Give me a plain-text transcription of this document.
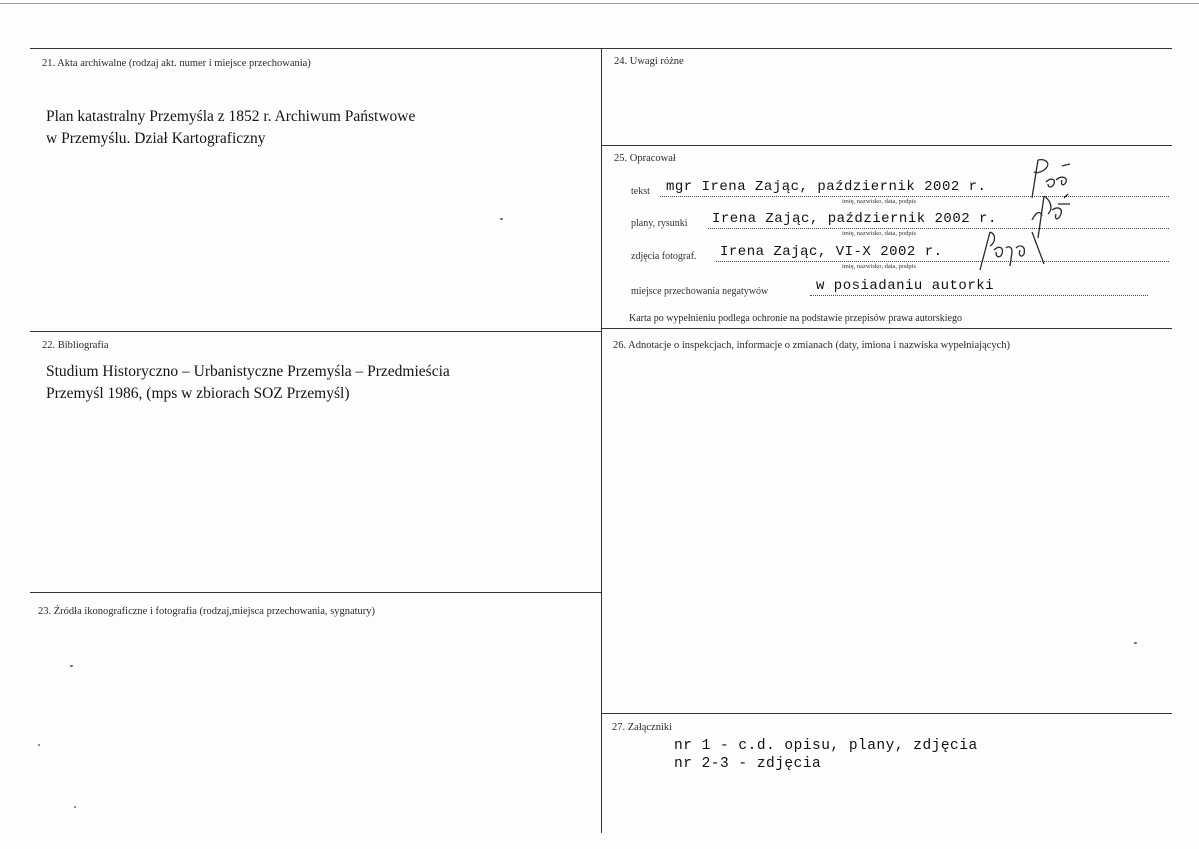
21. Akta archiwalne (rodzaj akt. numer i miejsce przechowania)
Plan katastralny Przemyśla z 1852 r. Archiwum Państwowe
w Przemyślu. Dział Kartograficzny
22. Bibliografia
Studium Historyczno – Urbanistyczne Przemyśla – Przedmieścia
Przemyśl 1986, (mps w zbiorach SOZ Przemyśl)
23. Źródła ikonograficzne i fotografia (rodzaj,miejsca przechowania, sygnatury)
24. Uwagi różne
25. Opracował
tekst mgr Irena Zając, październik 2002 r.
imię, nazwisko, data, podpis
plany, rysunki Irena Zając, październik 2002 r.
imię, nazwisko, data, podpis
zdjęcia fotograf. Irena Zając, VI-X 2002 r.
imię, nazwisko, data, podpis
miejsce przechowania negatywów	w posiadaniu autorki
Karta po wypełnieniu podlega ochronie na podstawie przepisów prawa autorskiego
26. Adnotacje o inspekcjach, informacje o zmianach (daty, imiona i nazwiska wypełniających)
27. Załączniki
nr 1 - c.d. opisu, plany, zdjęcia
nr 2-3 - zdjęcia
